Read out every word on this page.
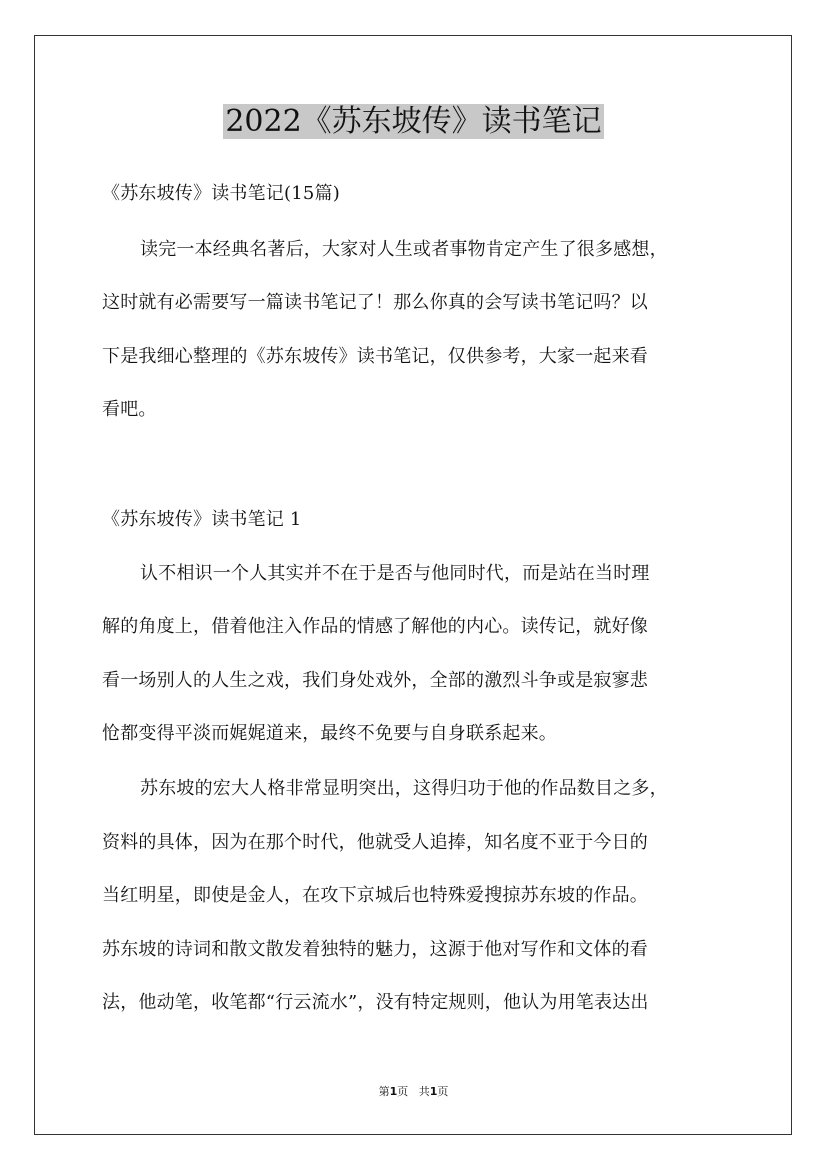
2022《苏东坡传》读书笔记
《苏东坡传》读书笔记(15篇)
读完一本经典名著后，大家对人生或者事物肯定产生了很多感想，
这时就有必需要写一篇读书笔记了！那么你真的会写读书笔记吗？以
下是我细心整理的《苏东坡传》读书笔记，仅供参考，大家一起来看
看吧。
《苏东坡传》读书笔记 1
认不相识一个人其实并不在于是否与他同时代，而是站在当时理
解的角度上，借着他注入作品的情感了解他的内心。读传记，就好像
看一场别人的人生之戏，我们身处戏外，全部的激烈斗争或是寂寥悲
怆都变得平淡而娓娓道来，最终不免要与自身联系起来。
苏东坡的宏大人格非常显明突出，这得归功于他的作品数目之多，
资料的具体，因为在那个时代，他就受人追捧，知名度不亚于今日的
当红明星，即使是金人，在攻下京城后也特殊爱搜掠苏东坡的作品。
苏东坡的诗词和散文散发着独特的魅力，这源于他对写作和文体的看
法，他动笔，收笔都“行云流水”，没有特定规则，他认为用笔表达出
第1页 共1页
